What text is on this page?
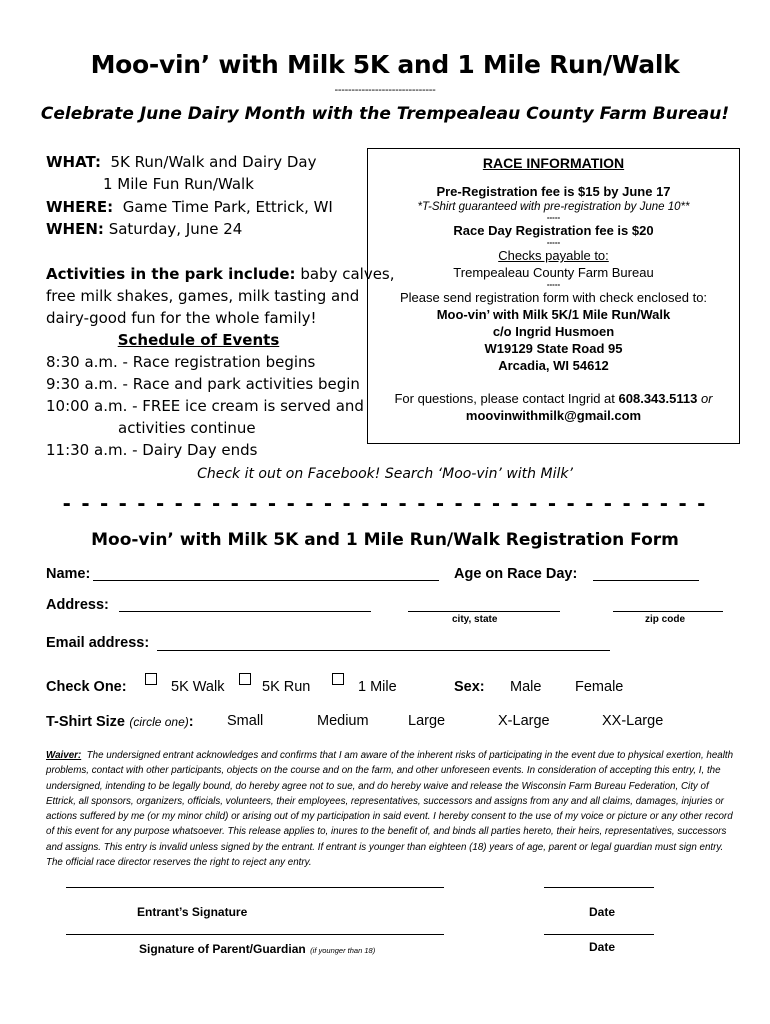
Moo-vin’ with Milk 5K and 1 Mile Run/Walk
------------------------------
Celebrate June Dairy Month with the Trempealeau County Farm Bureau!
WHAT: 5K Run/Walk and Dairy Day
1 Mile Fun Run/Walk
WHERE: Game Time Park, Ettrick, WI
WHEN: Saturday, June 24
Activities in the park include: baby calves,
free milk shakes, games, milk tasting and
dairy-good fun for the whole family!
Schedule of Events
8:30 a.m. - Race registration begins
9:30 a.m. - Race and park activities begin
10:00 a.m. - FREE ice cream is served and
activities continue
11:30 a.m. - Dairy Day ends
RACE INFORMATION
Pre-Registration fee is $15 by June 17
*T-Shirt guaranteed with pre-registration by June 10**
-----
Race Day Registration fee is $20
-----
Checks payable to:
Trempealeau County Farm Bureau
-----
Please send registration form with check enclosed to:
Moo-vin’ with Milk 5K/1 Mile Run/Walk
c/o Ingrid Husmoen
W19129 State Road 95
Arcadia, WI 54612
For questions, please contact Ingrid at 608.343.5113 or
moovinwithmilk@gmail.com
Check it out on Facebook! Search ‘Moo-vin’ with Milk’
- - - - - - - - - - - - - - - - - - - - - - - - - - - - - - - - - - -
Moo-vin’ with Milk 5K and 1 Mile Run/Walk Registration Form
Name:	Age on Race Day:
Address:
city, state	zip code
Email address:
Check One:	5K Walk	5K Run	1 Mile	Sex: Male Female
T-Shirt Size (circle one): Small	Medium	Large	X-Large	XX-Large
Waiver: The undersigned entrant acknowledges and confirms that I am aware of the inherent risks of participating in the event due to physical exertion, health problems, contact with other participants, objects on the course and on the farm, and other unforeseen events. In consideration of accepting this entry, I, the undersigned, intending to be legally bound, do hereby agree not to sue, and do hereby waive and release the Wisconsin Farm Bureau Federation, City of Ettrick, all sponsors, organizers, officials, volunteers, their employees, representatives, successors and assigns from any and all claims, damages, injuries or actions suffered by me (or my minor child) or arising out of my participation in said event. I hereby consent to the use of my voice or picture or any other record of this event for any purpose whatsoever. This release applies to, inures to the benefit of, and binds all parties hereto, their heirs, representatives, successors and assigns. This entry is invalid unless signed by the entrant. If entrant is younger than eighteen (18) years of age, parent or legal guardian must sign entry. The official race director reserves the right to reject any entry.
Entrant’s Signature	Date
Signature of Parent/Guardian (if younger than 18)	Date
